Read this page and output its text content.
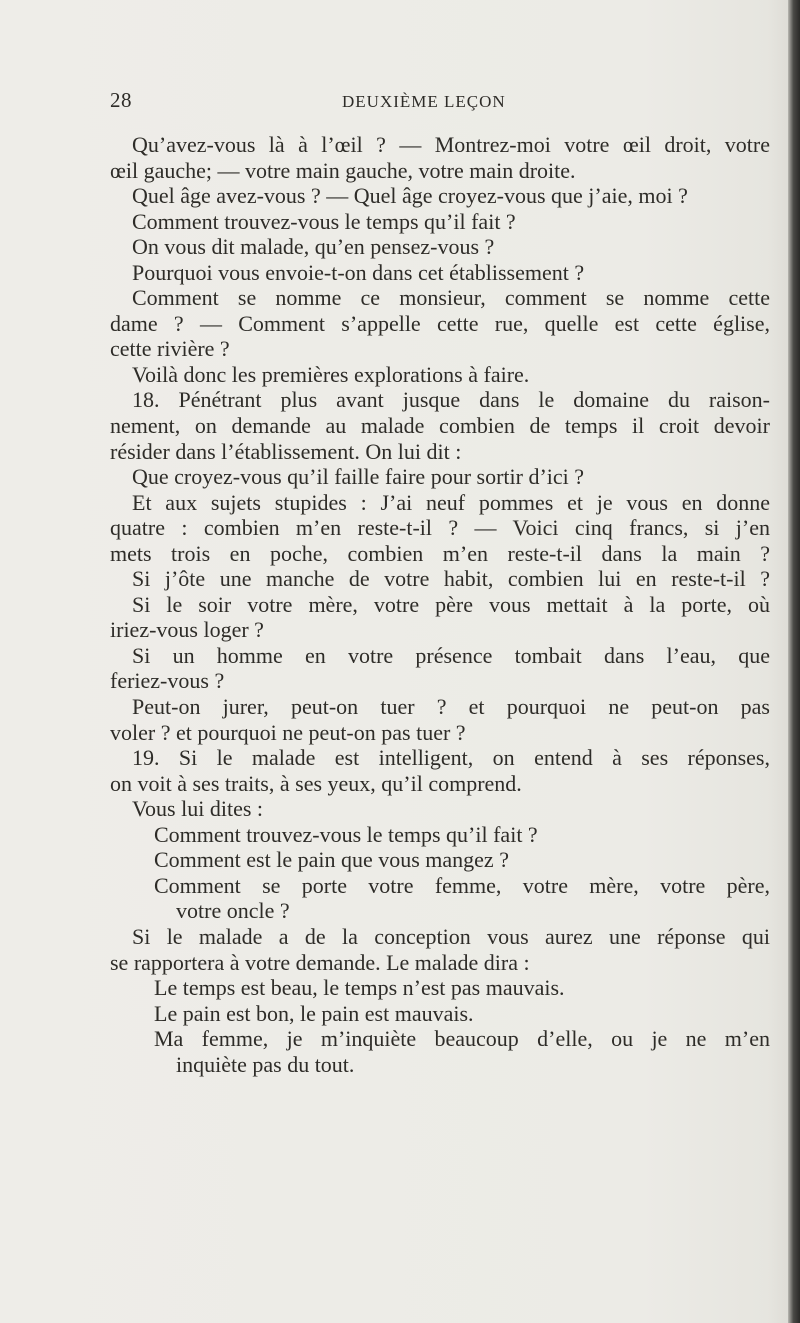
28	DEUXIÈME LEÇON
Qu’avez-vous là à l’œil ? — Montrez-moi votre œil droit, votre
œil gauche; — votre main gauche, votre main droite.
Quel âge avez-vous ? — Quel âge croyez-vous que j’aie, moi ?
Comment trouvez-vous le temps qu’il fait ?
On vous dit malade, qu’en pensez-vous ?
Pourquoi vous envoie-t-on dans cet établissement ?
Comment se nomme ce monsieur, comment se nomme cette
dame ? — Comment s’appelle cette rue, quelle est cette église,
cette rivière ?
Voilà donc les premières explorations à faire.
18. Pénétrant plus avant jusque dans le domaine du raison-
nement, on demande au malade combien de temps il croit devoir
résider dans l’établissement. On lui dit :
Que croyez-vous qu’il faille faire pour sortir d’ici ?
Et aux sujets stupides : J’ai neuf pommes et je vous en donne
quatre : combien m’en reste-t-il ? — Voici cinq francs, si j’en
mets trois en poche, combien m’en reste-t-il dans la main ?
Si j’ôte une manche de votre habit, combien lui en reste-t-il ?
Si le soir votre mère, votre père vous mettait à la porte, où
iriez-vous loger ?
Si un homme en votre présence tombait dans l’eau, que
feriez-vous ?
Peut-on jurer, peut-on tuer ? et pourquoi ne peut-on pas
voler ? et pourquoi ne peut-on pas tuer ?
19. Si le malade est intelligent, on entend à ses réponses,
on voit à ses traits, à ses yeux, qu’il comprend.
Vous lui dites :
Comment trouvez-vous le temps qu’il fait ?
Comment est le pain que vous mangez ?
Comment se porte votre femme, votre mère, votre père,
votre oncle ?
Si le malade a de la conception vous aurez une réponse qui
se rapportera à votre demande. Le malade dira :
Le temps est beau, le temps n’est pas mauvais.
Le pain est bon, le pain est mauvais.
Ma femme, je m’inquiète beaucoup d’elle, ou je ne m’en
inquiète pas du tout.
